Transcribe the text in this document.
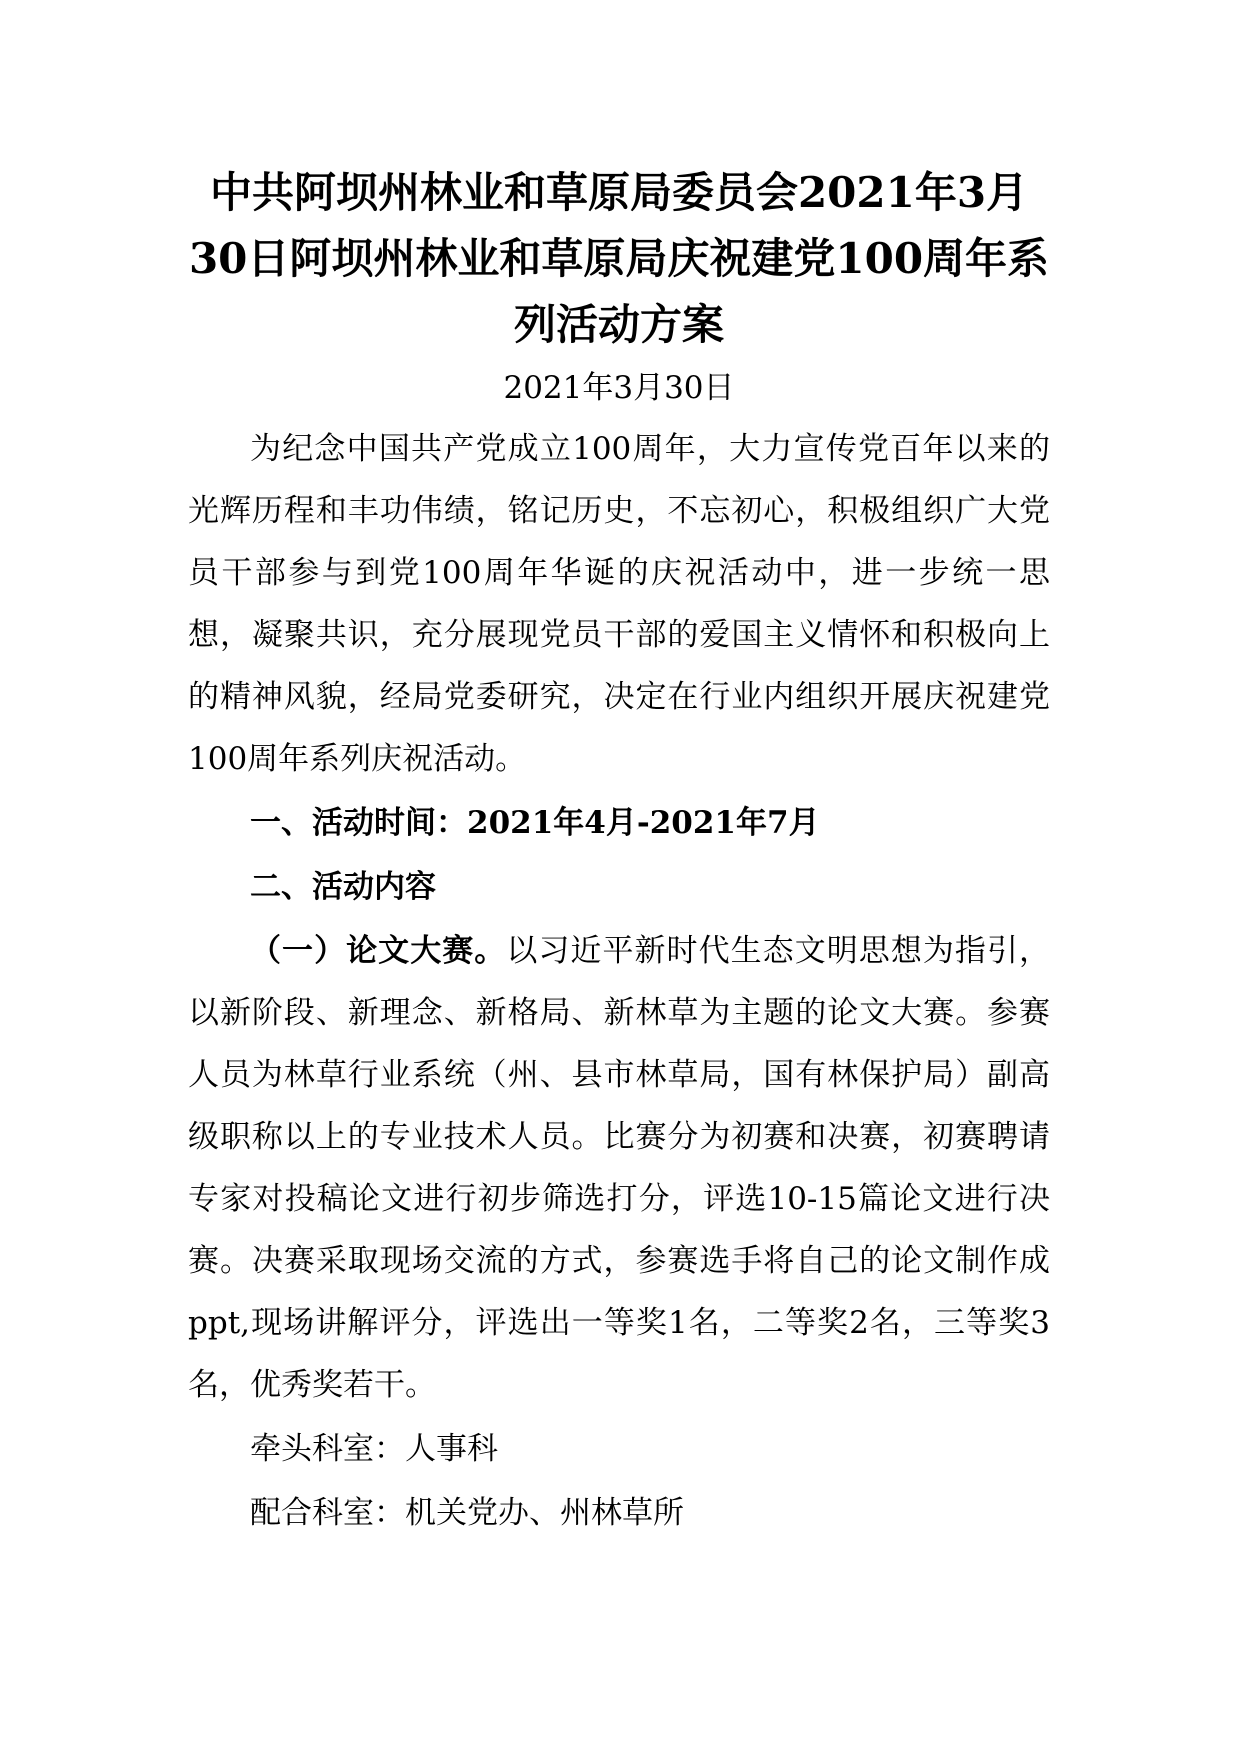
中共阿坝州林业和草原局委员会2021年3月30日阿坝州林业和草原局庆祝建党100周年系列活动方案
2021年3月30日

为纪念中国共产党成立100周年，大力宣传党百年以来的光辉历程和丰功伟绩，铭记历史，不忘初心，积极组织广大党员干部参与到党100周年华诞的庆祝活动中，进一步统一思想，凝聚共识，充分展现党员干部的爱国主义情怀和积极向上的精神风貌，经局党委研究，决定在行业内组织开展庆祝建党100周年系列庆祝活动。

一、活动时间：2021年4月-2021年7月
二、活动内容

（一）论文大赛。以习近平新时代生态文明思想为指引，以新阶段、新理念、新格局、新林草为主题的论文大赛。参赛人员为林草行业系统（州、县市林草局，国有林保护局）副高级职称以上的专业技术人员。比赛分为初赛和决赛，初赛聘请专家对投稿论文进行初步筛选打分，评选10-15篇论文进行决赛。决赛采取现场交流的方式，参赛选手将自己的论文制作成ppt,现场讲解评分，评选出一等奖1名，二等奖2名，三等奖3名，优秀奖若干。

牵头科室：人事科
配合科室：机关党办、州林草所
